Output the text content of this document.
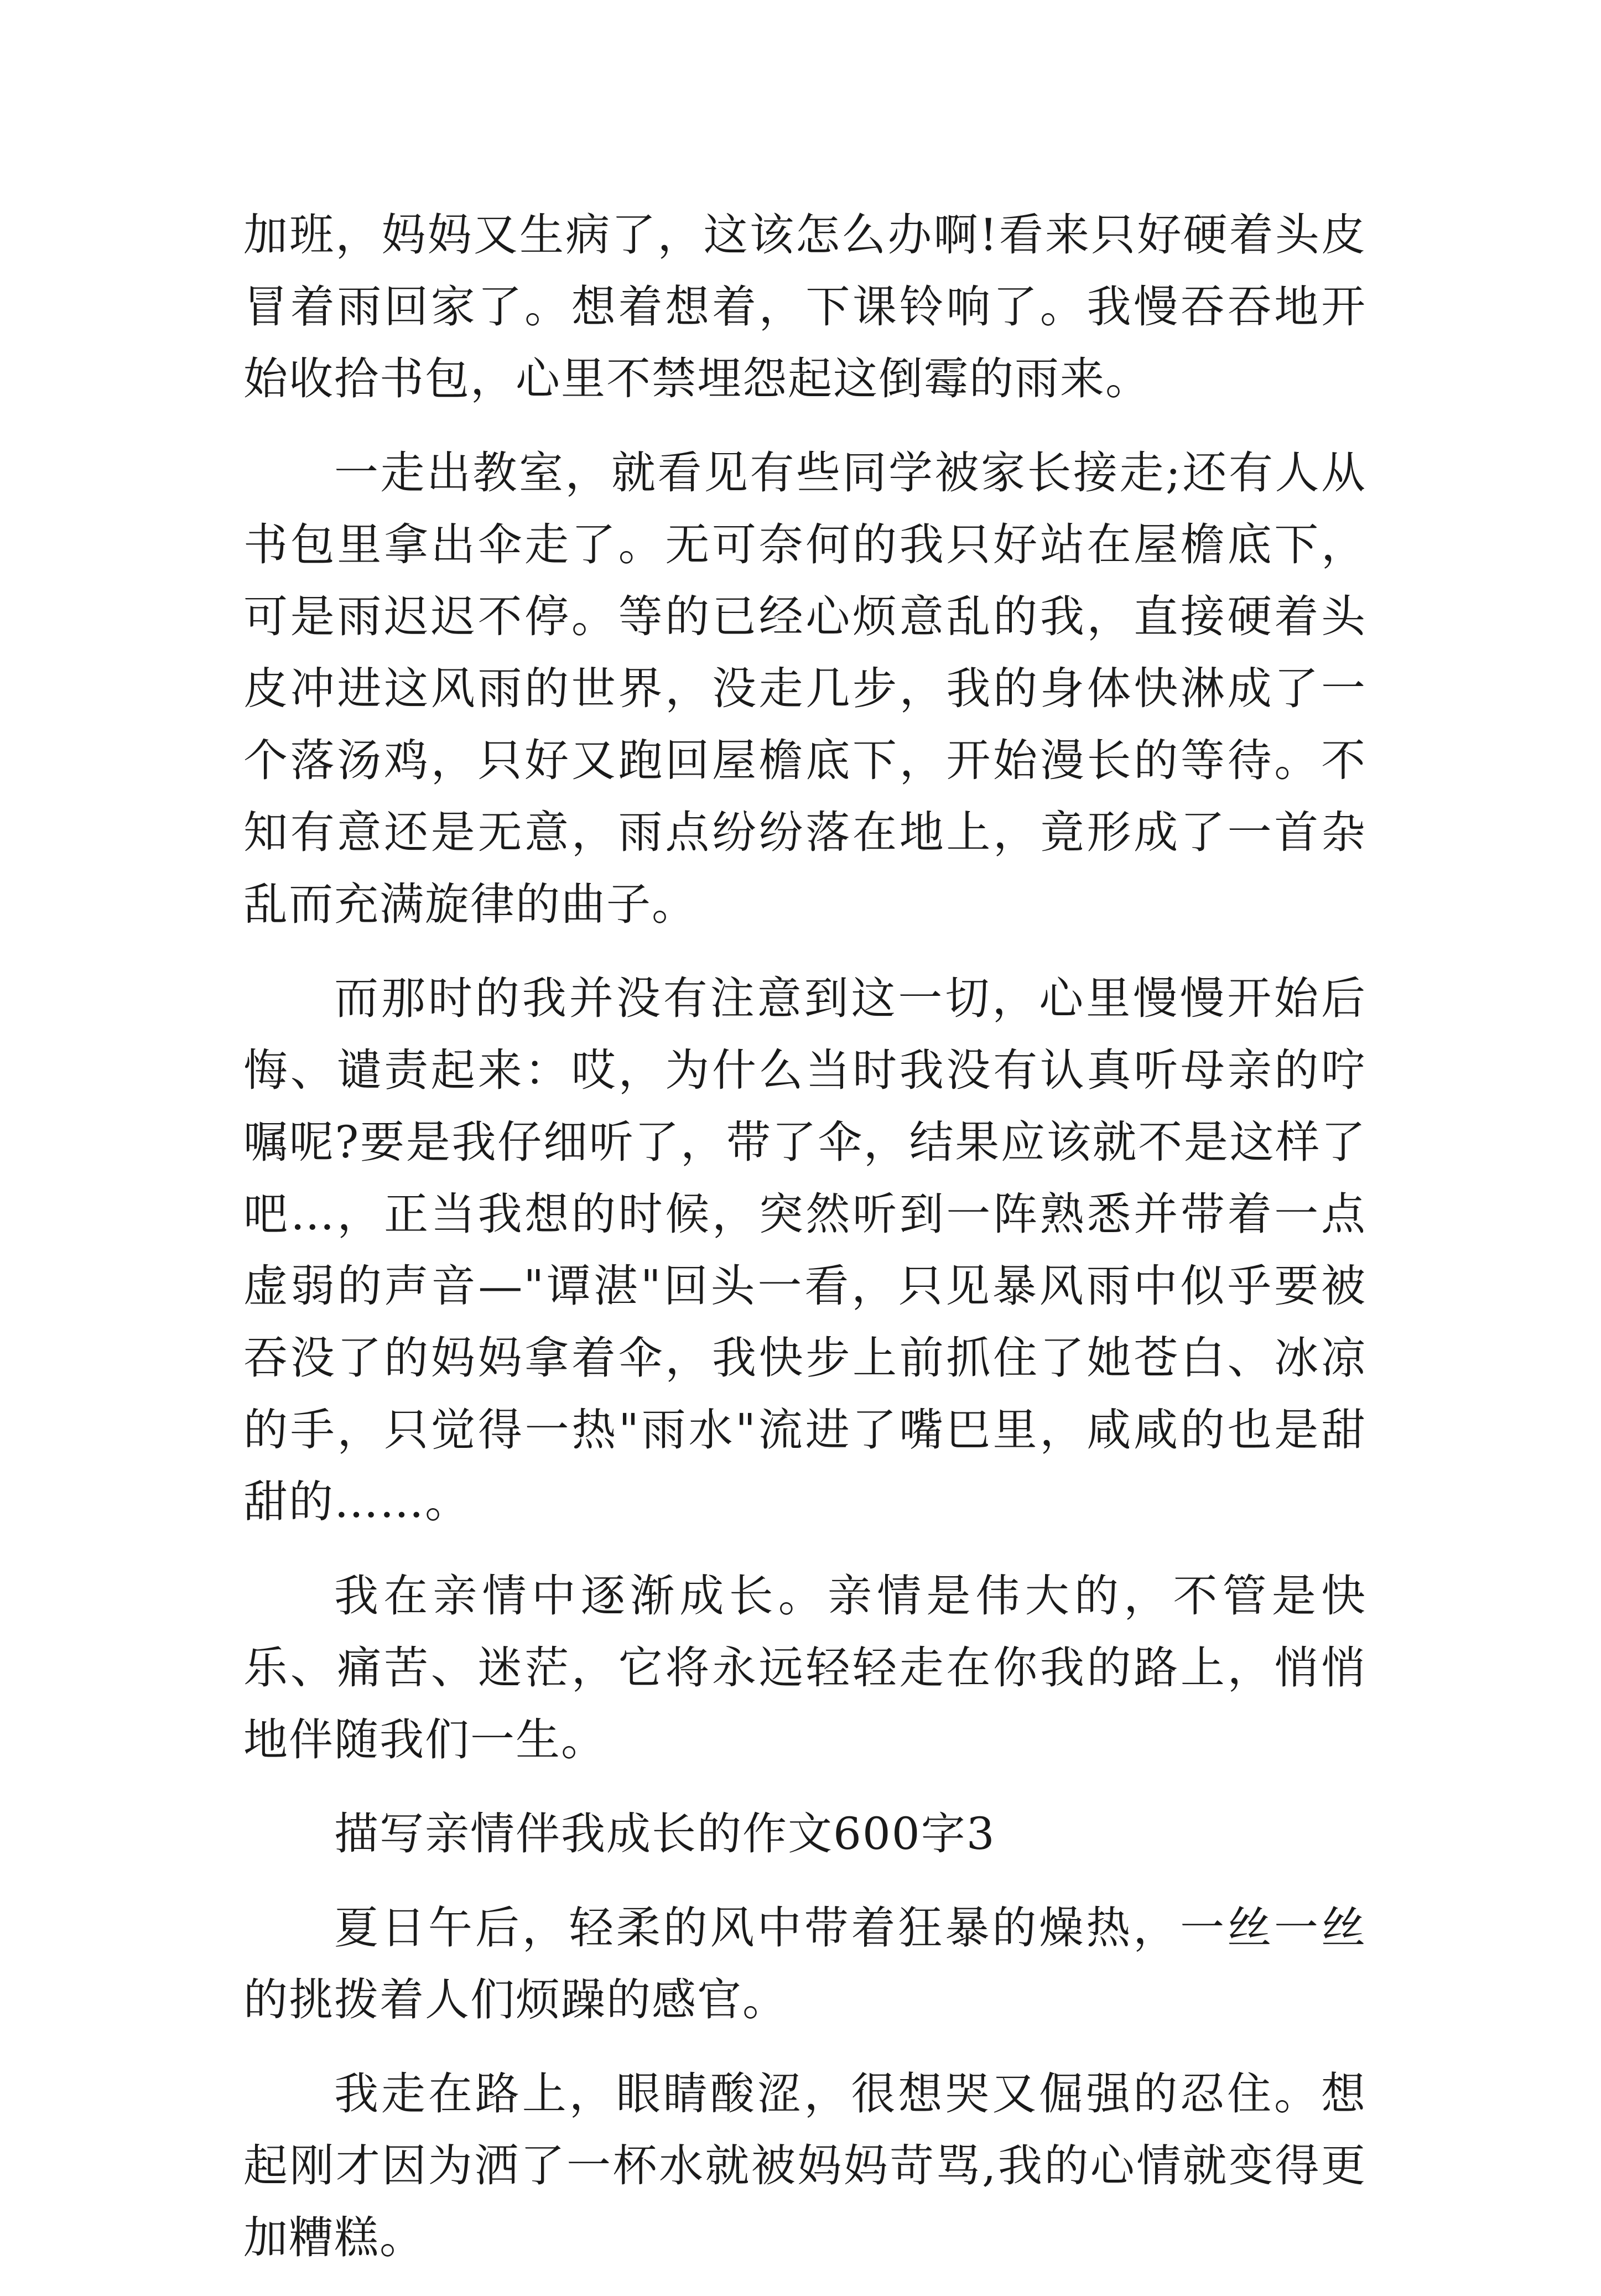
加班，妈妈又生病了，这该怎么办啊!看来只好硬着头皮冒着雨回家了。想着想着，下课铃响了。我慢吞吞地开始收拾书包，心里不禁埋怨起这倒霉的雨来。

一走出教室，就看见有些同学被家长接走;还有人从书包里拿出伞走了。无可奈何的我只好站在屋檐底下，可是雨迟迟不停。等的已经心烦意乱的我，直接硬着头皮冲进这风雨的世界，没走几步，我的身体快淋成了一个落汤鸡，只好又跑回屋檐底下，开始漫长的等待。不知有意还是无意，雨点纷纷落在地上，竟形成了一首杂乱而充满旋律的曲子。

而那时的我并没有注意到这一切，心里慢慢开始后悔、谴责起来：哎，为什么当时我没有认真听母亲的咛嘱呢?要是我仔细听了，带了伞，结果应该就不是这样了吧…，正当我想的时候，突然听到一阵熟悉并带着一点虚弱的声音—"谭湛"回头一看，只见暴风雨中似乎要被吞没了的妈妈拿着伞，我快步上前抓住了她苍白、冰凉的手，只觉得一热"雨水"流进了嘴巴里，咸咸的也是甜甜的……。

我在亲情中逐渐成长。亲情是伟大的，不管是快乐、痛苦、迷茫，它将永远轻轻走在你我的路上，悄悄地伴随我们一生。

描写亲情伴我成长的作文600字3

夏日午后，轻柔的风中带着狂暴的燥热，一丝一丝的挑拨着人们烦躁的感官。

我走在路上，眼睛酸涩，很想哭又倔强的忍住。想起刚才因为洒了一杯水就被妈妈苛骂,我的心情就变得更加糟糕。
